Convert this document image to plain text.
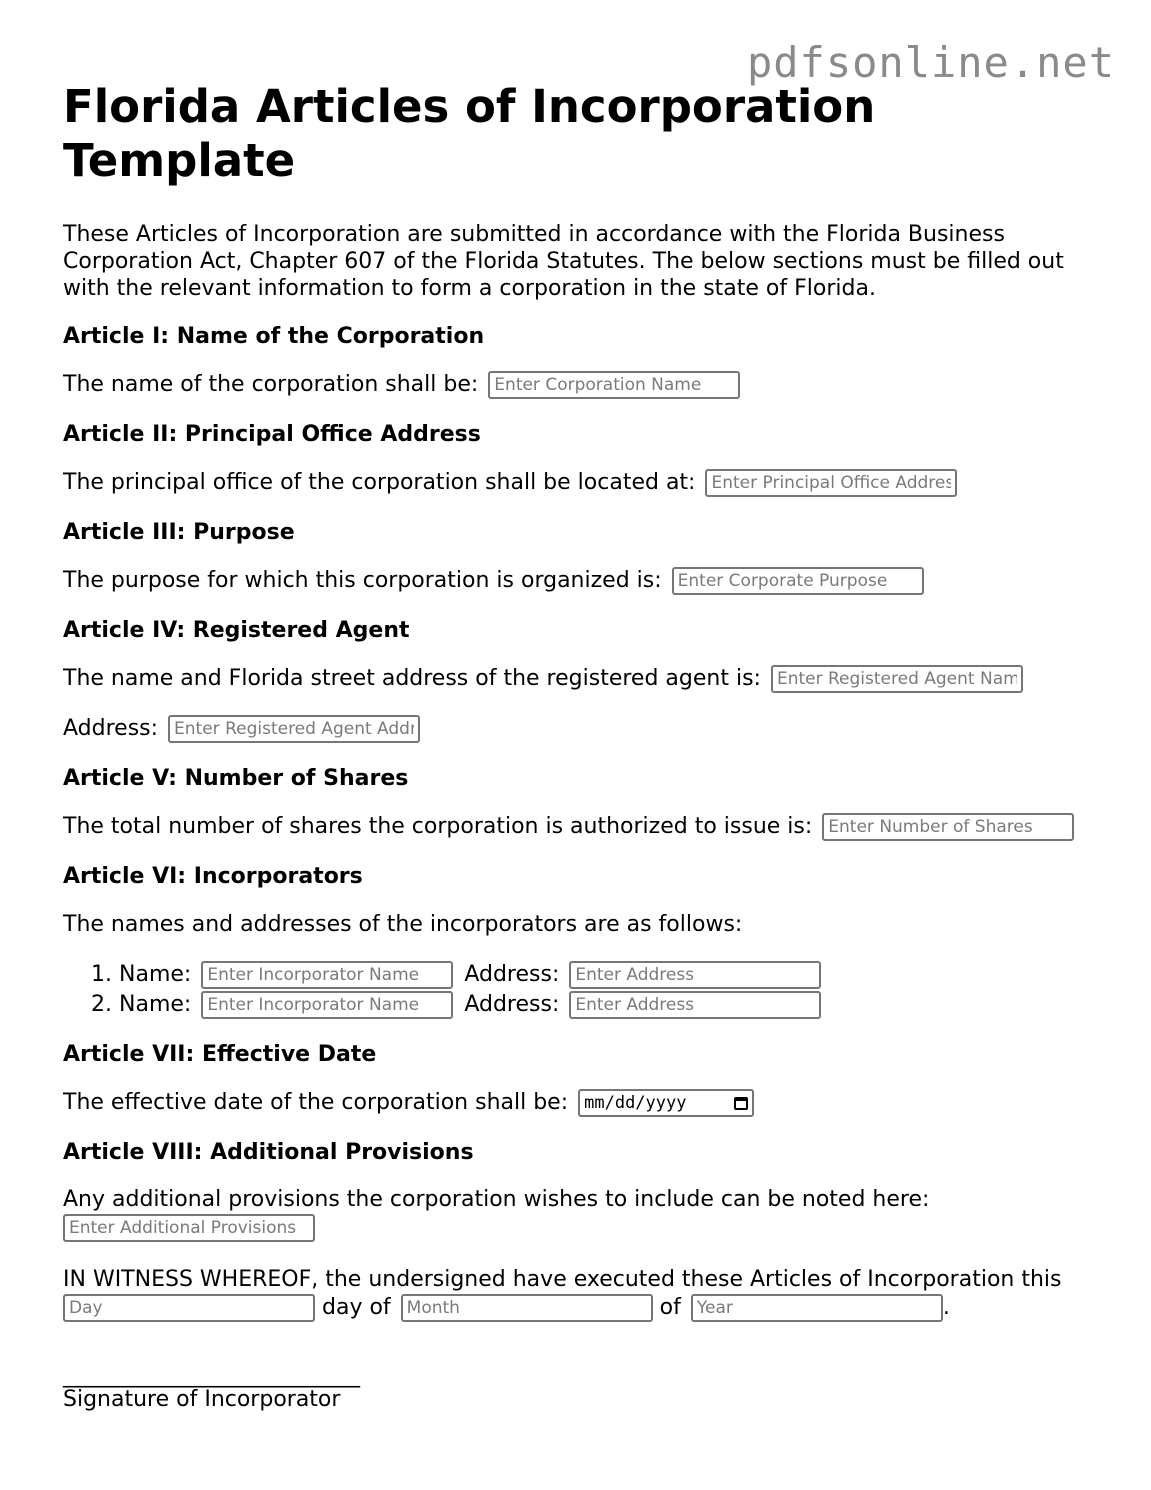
pdfsonline.net
Florida Articles of Incorporation Template

These Articles of Incorporation are submitted in accordance with the Florida Business Corporation Act, Chapter 607 of the Florida Statutes. The below sections must be filled out with the relevant information to form a corporation in the state of Florida.

Article I: Name of the Corporation
The name of the corporation shall be: Enter Corporation Name
Article II: Principal Office Address
The principal office of the corporation shall be located at: Enter Principal Office Address
Article III: Purpose
The purpose for which this corporation is organized is: Enter Corporate Purpose
Article IV: Registered Agent
The name and Florida street address of the registered agent is: Enter Registered Agent Name
Address: Enter Registered Agent Address
Article V: Number of Shares
The total number of shares the corporation is authorized to issue is: Enter Number of Shares
Article VI: Incorporators
The names and addresses of the incorporators are as follows:
1. Name: Enter Incorporator Name	Address: Enter Address
2. Name: Enter Incorporator Name	Address: Enter Address
Article VII: Effective Date
The effective date of the corporation shall be: mm/dd/yyyy
Article VIII: Additional Provisions
Any additional provisions the corporation wishes to include can be noted here:
Enter Additional Provisions
IN WITNESS WHEREOF, the undersigned have executed these Articles of Incorporation this
Day day of Month	of Year	.
___________________________
Signature of Incorporator
